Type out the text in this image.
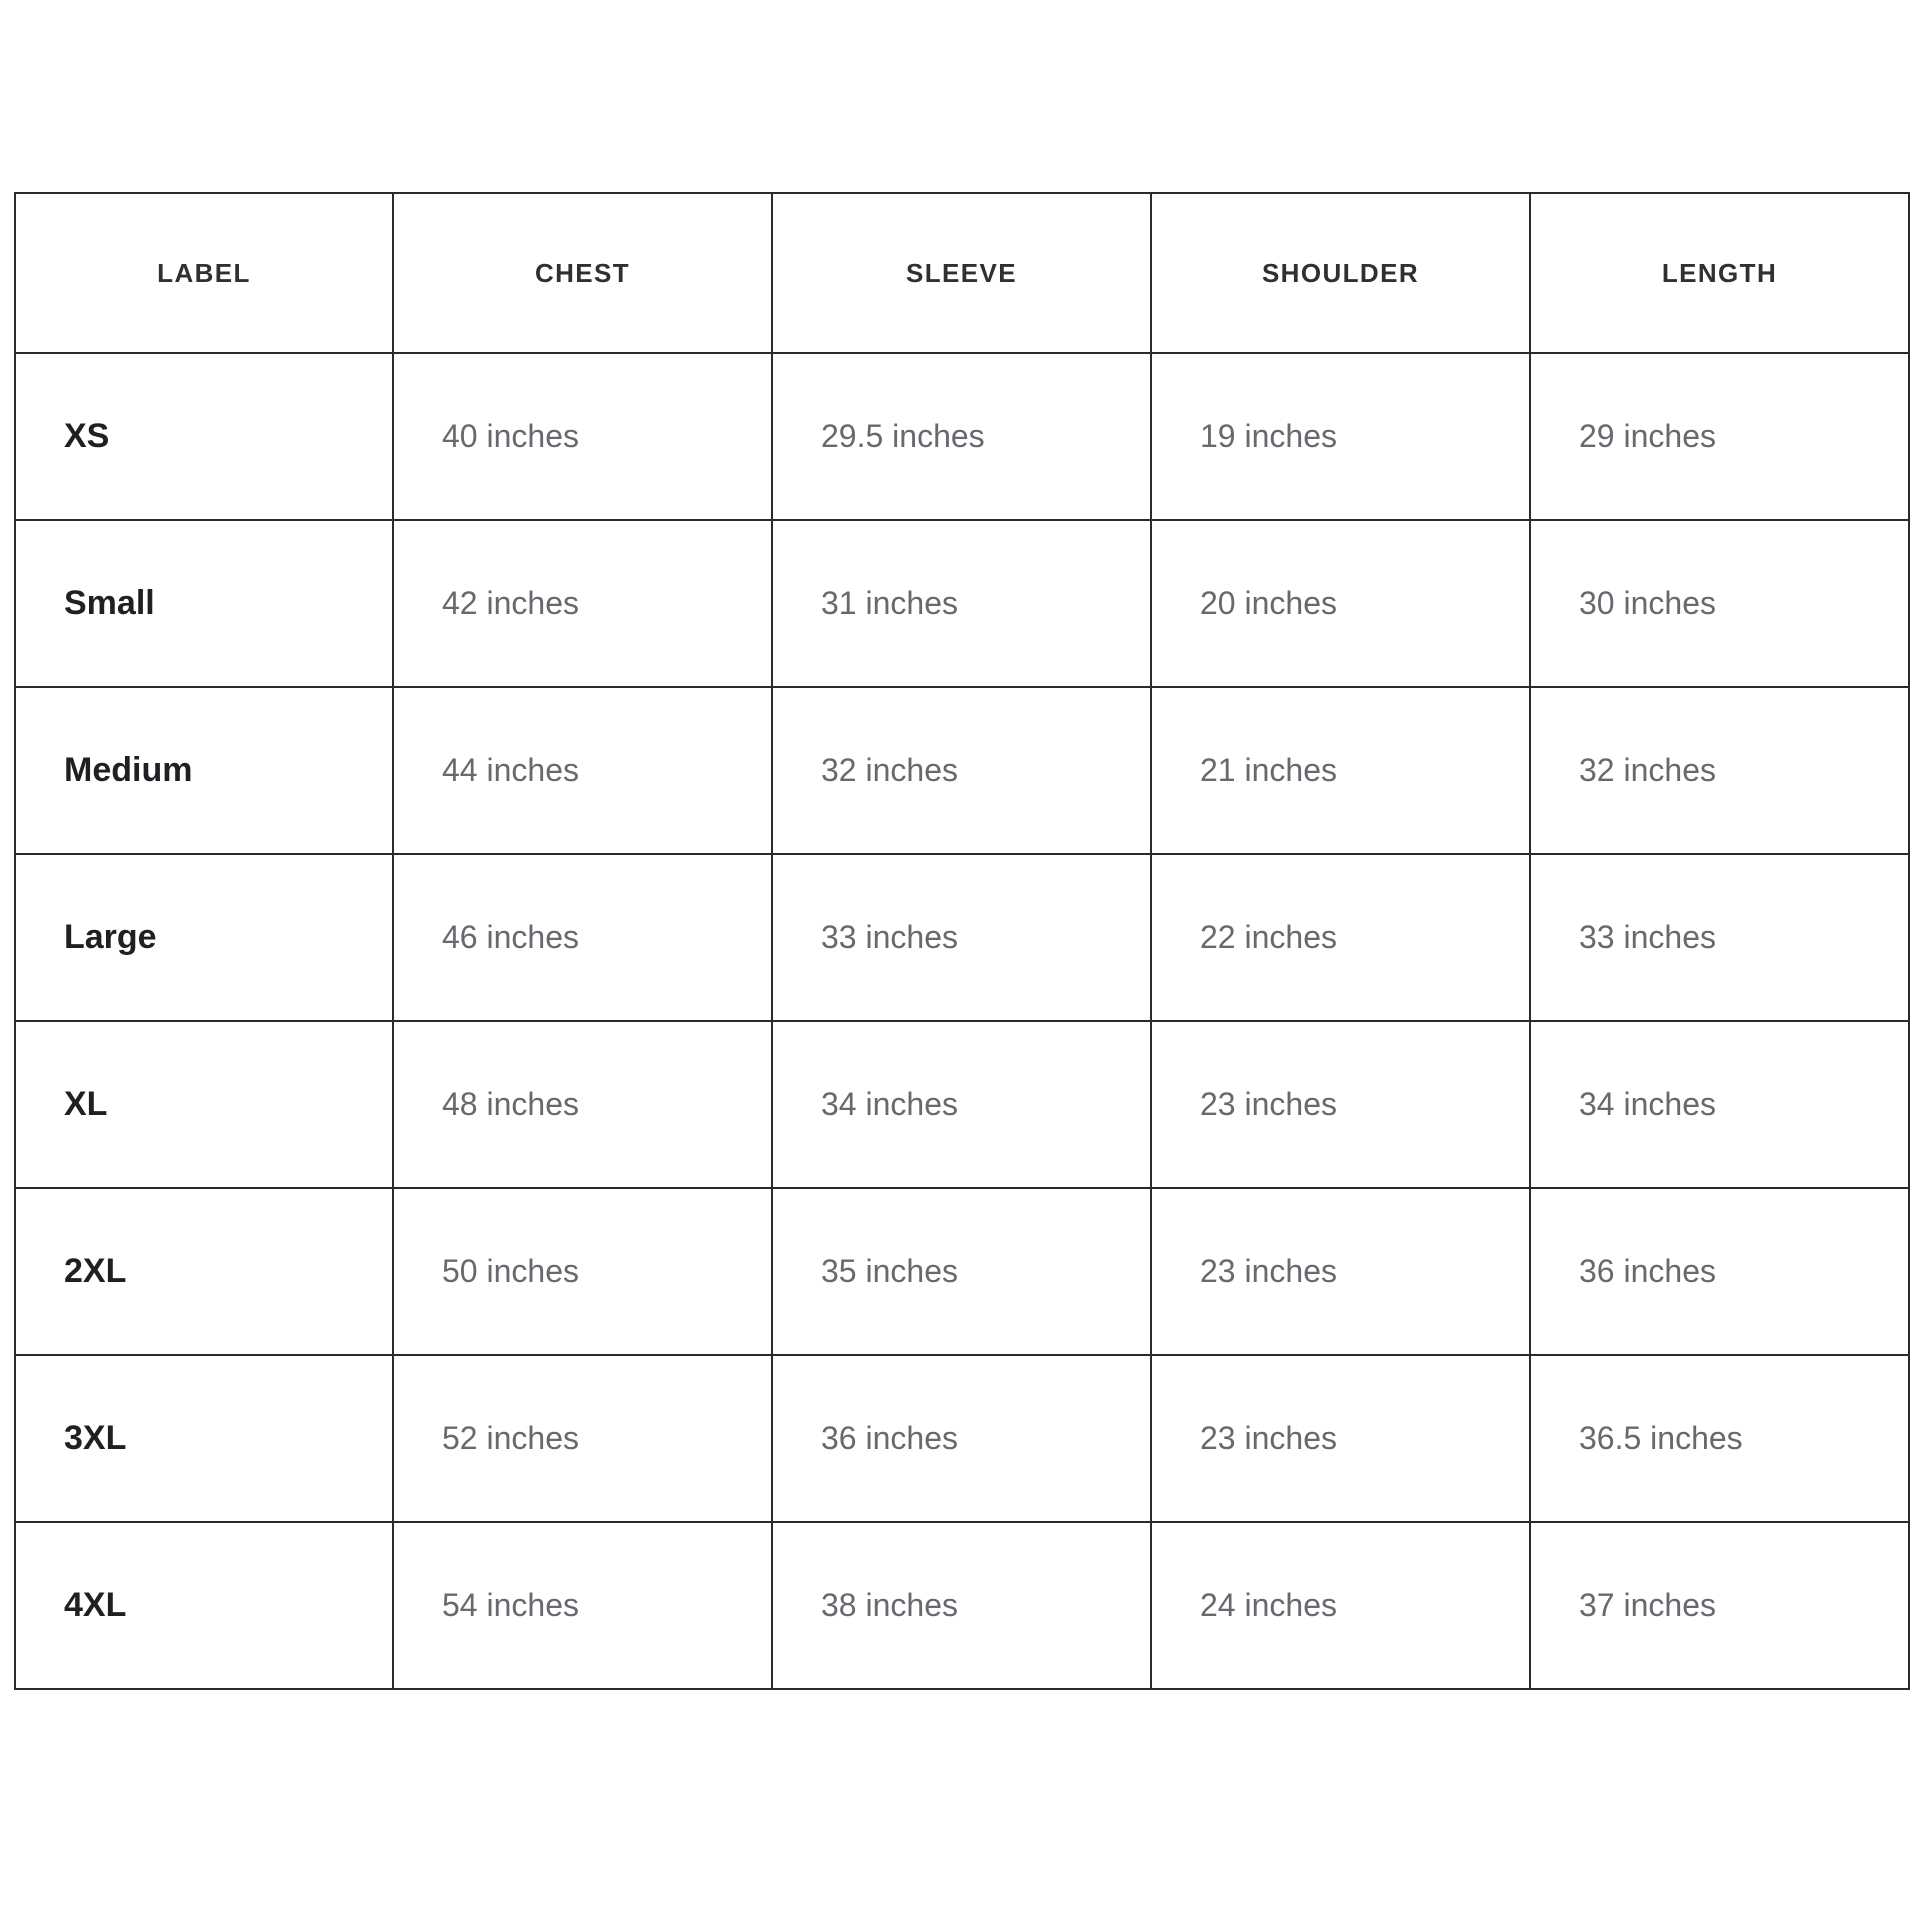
LABEL	CHEST	SLEEVE	SHOULDER	LENGTH
XS	40 inches	29.5 inches	19 inches	29 inches
Small	42 inches	31 inches	20 inches	30 inches
Medium	44 inches	32 inches	21 inches	32 inches
Large	46 inches	33 inches	22 inches	33 inches
XL	48 inches	34 inches	23 inches	34 inches
2XL	50 inches	35 inches	23 inches	36 inches
3XL	52 inches	36 inches	23 inches	36.5 inches
4XL	54 inches	38 inches	24 inches	37 inches
